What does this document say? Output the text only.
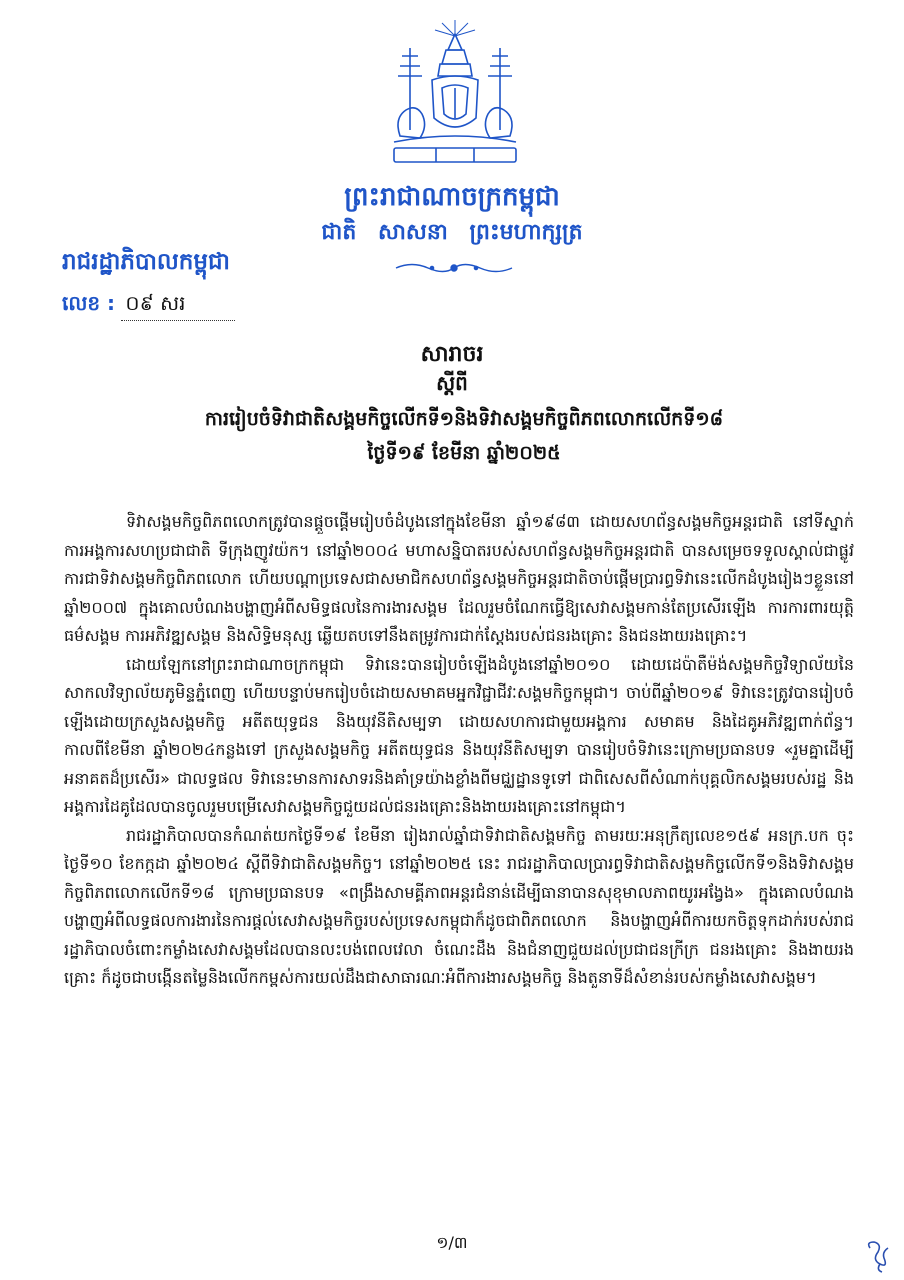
ព្រះរាជាណាចក្រកម្ពុជា
ជាតិ សាសនា ព្រះមហាក្សត្រ
រាជរដ្ឋាភិបាលកម្ពុជា
លេខ : ០៩ សរ
សារាចរ
ស្តីពី
ការរៀបចំទិវាជាតិសង្គមកិច្ចលើកទី១និងទិវាសង្គមកិច្ចពិភពលោកលើកទី១៨
ថ្ងៃទី១៩ ខែមីនា ឆ្នាំ២០២៥

ទិវាសង្គមកិច្ចពិភពលោកត្រូវបានផ្តួចផ្តើមរៀបចំដំបូងនៅក្នុងខែមីនា ឆ្នាំ១៩៨៣ ដោយសហព័ន្ធសង្គមកិច្ចអន្តរជាតិ នៅទីស្នាក់ការអង្គការសហប្រជាជាតិ ទីក្រុងញូវយ៉ក។ នៅឆ្នាំ២០០៤ មហាសន្និបាតរបស់សហព័ន្ធសង្គមកិច្ចអន្តរជាតិ បានសម្រេចទទួលស្គាល់ជាផ្លូវការជាទិវាសង្គមកិច្ចពិភពលោក ហើយបណ្តាប្រទេសជាសមាជិកសហព័ន្ធសង្គមកិច្ចអន្តរជាតិចាប់ផ្តើមប្រារព្ធទិវានេះលើកដំបូងរៀងៗខ្លួននៅឆ្នាំ២០០៧ ក្នុងគោលបំណងបង្ហាញអំពីសមិទ្ធផលនៃការងារសង្គម ដែលរួមចំណែកធ្វើឱ្យសេវាសង្គមកាន់តែប្រសើរឡើង ការការពារយុត្តិធម៌សង្គម ការអភិវឌ្ឍសង្គម និងសិទ្ធិមនុស្ស ឆ្លើយតបទៅនឹងតម្រូវការជាក់ស្តែងរបស់ជនរងគ្រោះ និងជនងាយរងគ្រោះ។

ដោយឡែកនៅព្រះរាជាណាចក្រកម្ពុជា ទិវានេះបានរៀបចំឡើងដំបូងនៅឆ្នាំ២០១០ ដោយដេប៉ាតឺម៉ង់សង្គមកិច្ចវិទ្យាល័យនៃសាកលវិទ្យាល័យភូមិន្ទភ្នំពេញ ហើយបន្ទាប់មករៀបចំដោយសមាគមអ្នកវិជ្ជាជីវៈសង្គមកិច្ចកម្ពុជា។ ចាប់ពីឆ្នាំ២០១៩ ទិវានេះត្រូវបានរៀបចំឡើងដោយក្រសួងសង្គមកិច្ច អតីតយុទ្ធជន និងយុវនីតិសម្បទា ដោយសហការជាមួយអង្គការ សមាគម និងដៃគូអភិវឌ្ឍពាក់ព័ន្ធ។ កាលពីខែមីនា ឆ្នាំ២០២៤កន្លងទៅ ក្រសួងសង្គមកិច្ច អតីតយុទ្ធជន និងយុវនីតិសម្បទា បានរៀបចំទិវានេះក្រោមប្រធានបទ «រួមគ្នាដើម្បីអនាគតដ៏ប្រសើរ» ជាលទ្ធផល ទិវានេះមានការសាទរនិងគាំទ្រយ៉ាងខ្លាំងពីមជ្ឈដ្ឋានទូទៅ ជាពិសេសពីសំណាក់បុគ្គលិកសង្គមរបស់រដ្ឋ និងអង្គការដៃគូដែលបានចូលរួមបម្រើសេវាសង្គមកិច្ចជួយដល់ជនរងគ្រោះនិងងាយរងគ្រោះនៅកម្ពុជា។

រាជរដ្ឋាភិបាលបានកំណត់យកថ្ងៃទី១៩ ខែមីនា រៀងរាល់ឆ្នាំជាទិវាជាតិសង្គមកិច្ច តាមរយៈអនុក្រឹត្យលេខ១៥៩ អនក្រ.បក ចុះថ្ងៃទី១០ ខែកក្កដា ឆ្នាំ២០២៤ ស្តីពីទិវាជាតិសង្គមកិច្ច។ នៅឆ្នាំ២០២៥ នេះ រាជរដ្ឋាភិបាលប្រារព្ធទិវាជាតិសង្គមកិច្ចលើកទី១និងទិវាសង្គមកិច្ចពិភពលោកលើកទី១៨ ក្រោមប្រធានបទ «ពង្រឹងសាមគ្គីភាពអន្តរជំនាន់ដើម្បីធានាបានសុខុមាលភាពយូរអង្វែង» ក្នុងគោលបំណងបង្ហាញអំពីលទ្ធផលការងារនៃការផ្តល់សេវាសង្គមកិច្ចរបស់ប្រទេសកម្ពុជាក៏ដូចជាពិភពលោក និងបង្ហាញអំពីការយកចិត្តទុកដាក់របស់រាជរដ្ឋាភិបាលចំពោះកម្លាំងសេវាសង្គមដែលបានលះបង់ពេលវេលា ចំណេះដឹង និងជំនាញជួយដល់ប្រជាជនក្រីក្រ ជនរងគ្រោះ និងងាយរងគ្រោះ ក៏ដូចជាបង្កើនតម្លៃនិងលើកកម្ពស់ការយល់ដឹងជាសាធារណៈអំពីការងារសង្គមកិច្ច និងតួនាទីដ៏សំខាន់របស់កម្លាំងសេវាសង្គម។

១/៣
